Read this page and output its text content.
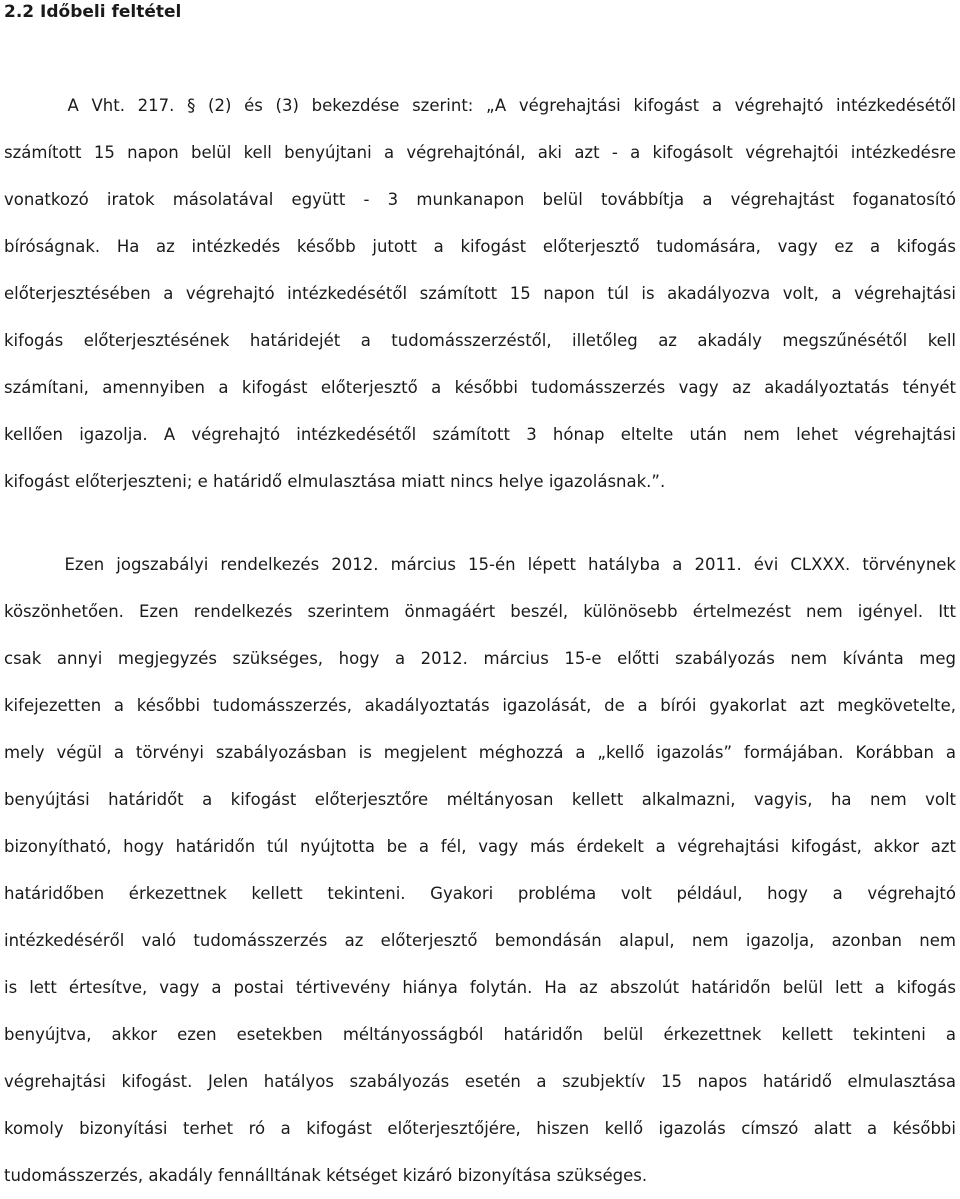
2.2 Időbeli feltétel
A Vht. 217. § (2) és (3) bekezdése szerint: „A végrehajtási kifogást a végrehajtó intézkedésétől
számított 15 napon belül kell benyújtani a végrehajtónál, aki azt - a kifogásolt végrehajtói intézkedésre
vonatkozó iratok másolatával együtt - 3 munkanapon belül továbbítja a végrehajtást foganatosító
bíróságnak. Ha az intézkedés később jutott a kifogást előterjesztő tudomására, vagy ez a kifogás
előterjesztésében a végrehajtó intézkedésétől számított 15 napon túl is akadályozva volt, a végrehajtási
kifogás előterjesztésének határidejét a tudomásszerzéstől, illetőleg az akadály megszűnésétől kell
számítani, amennyiben a kifogást előterjesztő a későbbi tudomásszerzés vagy az akadályoztatás tényét
kellően igazolja. A végrehajtó intézkedésétől számított 3 hónap eltelte után nem lehet végrehajtási
kifogást előterjeszteni; e határidő elmulasztása miatt nincs helye igazolásnak.”.
Ezen jogszabályi rendelkezés 2012. március 15-én lépett hatályba a 2011. évi CLXXX. törvénynek
köszönhetően. Ezen rendelkezés szerintem önmagáért beszél, különösebb értelmezést nem igényel. Itt
csak annyi megjegyzés szükséges, hogy a 2012. március 15-e előtti szabályozás nem kívánta meg
kifejezetten a későbbi tudomásszerzés, akadályoztatás igazolását, de a bírói gyakorlat azt megkövetelte,
mely végül a törvényi szabályozásban is megjelent méghozzá a „kellő igazolás” formájában. Korábban a
benyújtási határidőt a kifogást előterjesztőre méltányosan kellett alkalmazni, vagyis, ha nem volt
bizonyítható, hogy határidőn túl nyújtotta be a fél, vagy más érdekelt a végrehajtási kifogást, akkor azt
határidőben érkezettnek kellett tekinteni. Gyakori probléma volt például, hogy a végrehajtó
intézkedéséről való tudomásszerzés az előterjesztő bemondásán alapul, nem igazolja, azonban nem
is lett értesítve, vagy a postai tértivevény hiánya folytán. Ha az abszolút határidőn belül lett a kifogás
benyújtva, akkor ezen esetekben méltányosságból határidőn belül érkezettnek kellett tekinteni a
végrehajtási kifogást. Jelen hatályos szabályozás esetén a szubjektív 15 napos határidő elmulasztása
komoly bizonyítási terhet ró a kifogást előterjesztőjére, hiszen kellő igazolás címszó alatt a későbbi
tudomásszerzés, akadály fennálltának kétséget kizáró bizonyítása szükséges.
